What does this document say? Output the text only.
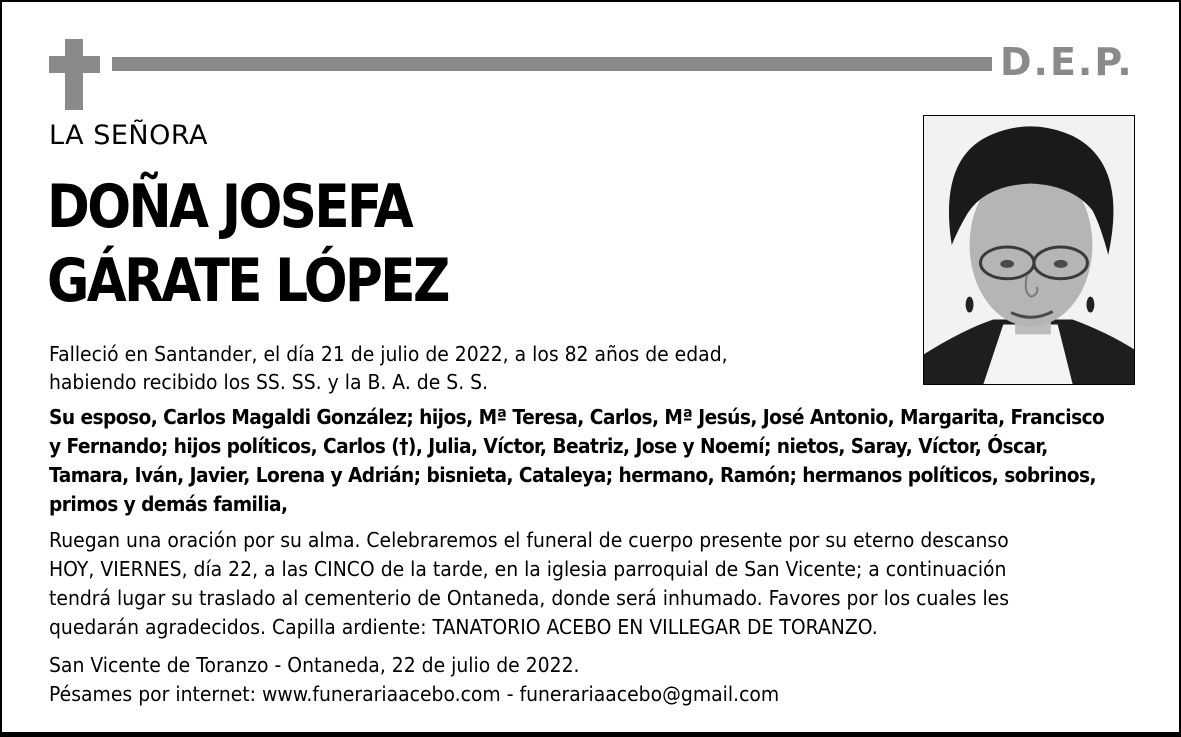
D.E.P.
LA SEÑORA
DOÑA JOSEFA
GÁRATE LÓPEZ
Falleció en Santander, el día 21 de julio de 2022, a los 82 años de edad,
habiendo recibido los SS. SS. y la B. A. de S. S.
Su esposo, Carlos Magaldi González; hijos, Mª Teresa, Carlos, Mª Jesús, José Antonio, Margarita, Francisco
y Fernando; hijos políticos, Carlos (†), Julia, Víctor, Beatriz, Jose y Noemí; nietos, Saray, Víctor, Óscar,
Tamara, Iván, Javier, Lorena y Adrián; bisnieta, Cataleya; hermano, Ramón; hermanos políticos, sobrinos,
primos y demás familia,
Ruegan una oración por su alma. Celebraremos el funeral de cuerpo presente por su eterno descanso
HOY, VIERNES, día 22, a las CINCO de la tarde, en la iglesia parroquial de San Vicente; a continuación
tendrá lugar su traslado al cementerio de Ontaneda, donde será inhumado. Favores por los cuales les
quedarán agradecidos. Capilla ardiente: TANATORIO ACEBO EN VILLEGAR DE TORANZO.
San Vicente de Toranzo - Ontaneda, 22 de julio de 2022.
Pésames por internet: www.funerariaacebo.com - funerariaacebo@gmail.com
